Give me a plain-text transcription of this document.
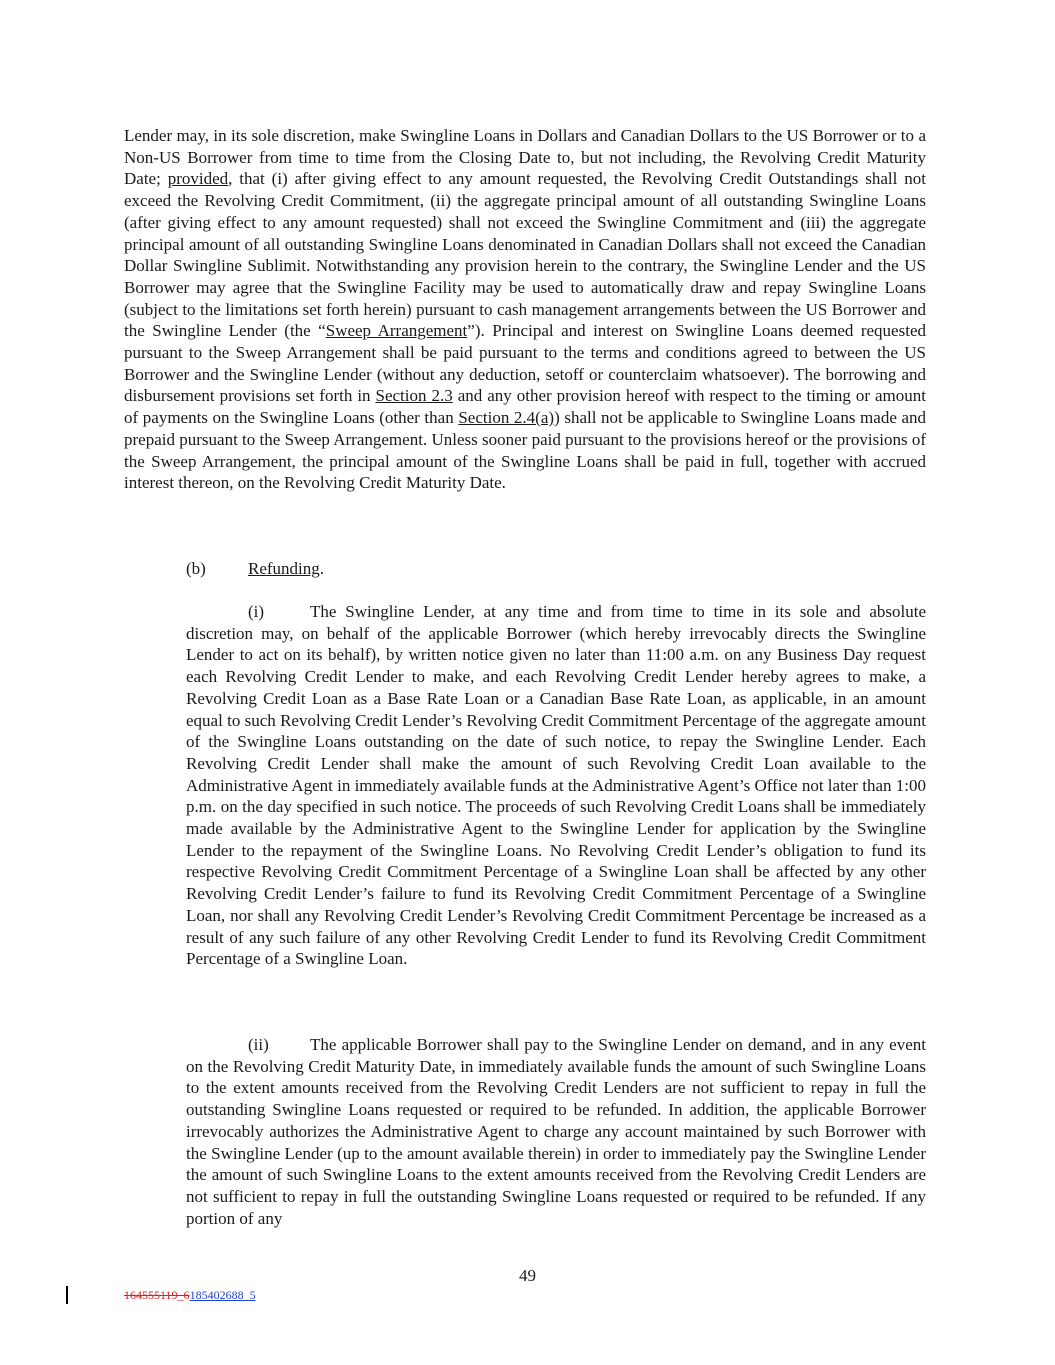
Lender may, in its sole discretion, make Swingline Loans in Dollars and Canadian Dollars to the US Borrower or to a Non-US Borrower from time to time from the Closing Date to, but not including, the Revolving Credit Maturity Date; provided, that (i) after giving effect to any amount requested, the Revolving Credit Outstandings shall not exceed the Revolving Credit Commitment, (ii) the aggregate principal amount of all outstanding Swingline Loans (after giving effect to any amount requested) shall not exceed the Swingline Commitment and (iii) the aggregate principal amount of all outstanding Swingline Loans denominated in Canadian Dollars shall not exceed the Canadian Dollar Swingline Sublimit. Notwithstanding any provision herein to the contrary, the Swingline Lender and the US Borrower may agree that the Swingline Facility may be used to automatically draw and repay Swingline Loans (subject to the limitations set forth herein) pursuant to cash management arrangements between the US Borrower and the Swingline Lender (the “Sweep Arrangement”). Principal and interest on Swingline Loans deemed requested pursuant to the Sweep Arrangement shall be paid pursuant to the terms and conditions agreed to between the US Borrower and the Swingline Lender (without any deduction, setoff or counterclaim whatsoever). The borrowing and disbursement provisions set forth in Section 2.3 and any other provision hereof with respect to the timing or amount of payments on the Swingline Loans (other than Section 2.4(a)) shall not be applicable to Swingline Loans made and prepaid pursuant to the Sweep Arrangement. Unless sooner paid pursuant to the provisions hereof or the provisions of the Sweep Arrangement, the principal amount of the Swingline Loans shall be paid in full, together with accrued interest thereon, on the Revolving Credit Maturity Date.

(b) Refunding.

(i)	The Swingline Lender, at any time and from time to time in its sole and absolute discretion may, on behalf of the applicable Borrower (which hereby irrevocably directs the Swingline Lender to act on its behalf), by written notice given no later than 11:00 a.m. on any Business Day request each Revolving Credit Lender to make, and each Revolving Credit Lender hereby agrees to make, a Revolving Credit Loan as a Base Rate Loan or a Canadian Base Rate Loan, as applicable, in an amount equal to such Revolving Credit Lender’s Revolving Credit Commitment Percentage of the aggregate amount of the Swingline Loans outstanding on the date of such notice, to repay the Swingline Lender. Each Revolving Credit Lender shall make the amount of such Revolving Credit Loan available to the Administrative Agent in immediately available funds at the Administrative Agent’s Office not later than 1:00 p.m. on the day specified in such notice. The proceeds of such Revolving Credit Loans shall be immediately made available by the Administrative Agent to the Swingline Lender for application by the Swingline Lender to the repayment of the Swingline Loans. No Revolving Credit Lender’s obligation to fund its respective Revolving Credit Commitment Percentage of a Swingline Loan shall be affected by any other Revolving Credit Lender’s failure to fund its Revolving Credit Commitment Percentage of a Swingline Loan, nor shall any Revolving Credit Lender’s Revolving Credit Commitment Percentage be increased as a result of any such failure of any other Revolving Credit Lender to fund its Revolving Credit Commitment Percentage of a Swingline Loan.

(ii) The applicable Borrower shall pay to the Swingline Lender on demand, and in any event on the Revolving Credit Maturity Date, in immediately available funds the amount of such Swingline Loans to the extent amounts received from the Revolving Credit Lenders are not sufficient to repay in full the outstanding Swingline Loans requested or required to be refunded. In addition, the applicable Borrower irrevocably authorizes the Administrative Agent to charge any account maintained by such Borrower with the Swingline Lender (up to the amount available therein) in order to immediately pay the Swingline Lender the amount of such Swingline Loans to the extent amounts received from the Revolving Credit Lenders are not sufficient to repay in full the outstanding Swingline Loans requested or required to be refunded. If any portion of any

49

164555119_6185402688_5
